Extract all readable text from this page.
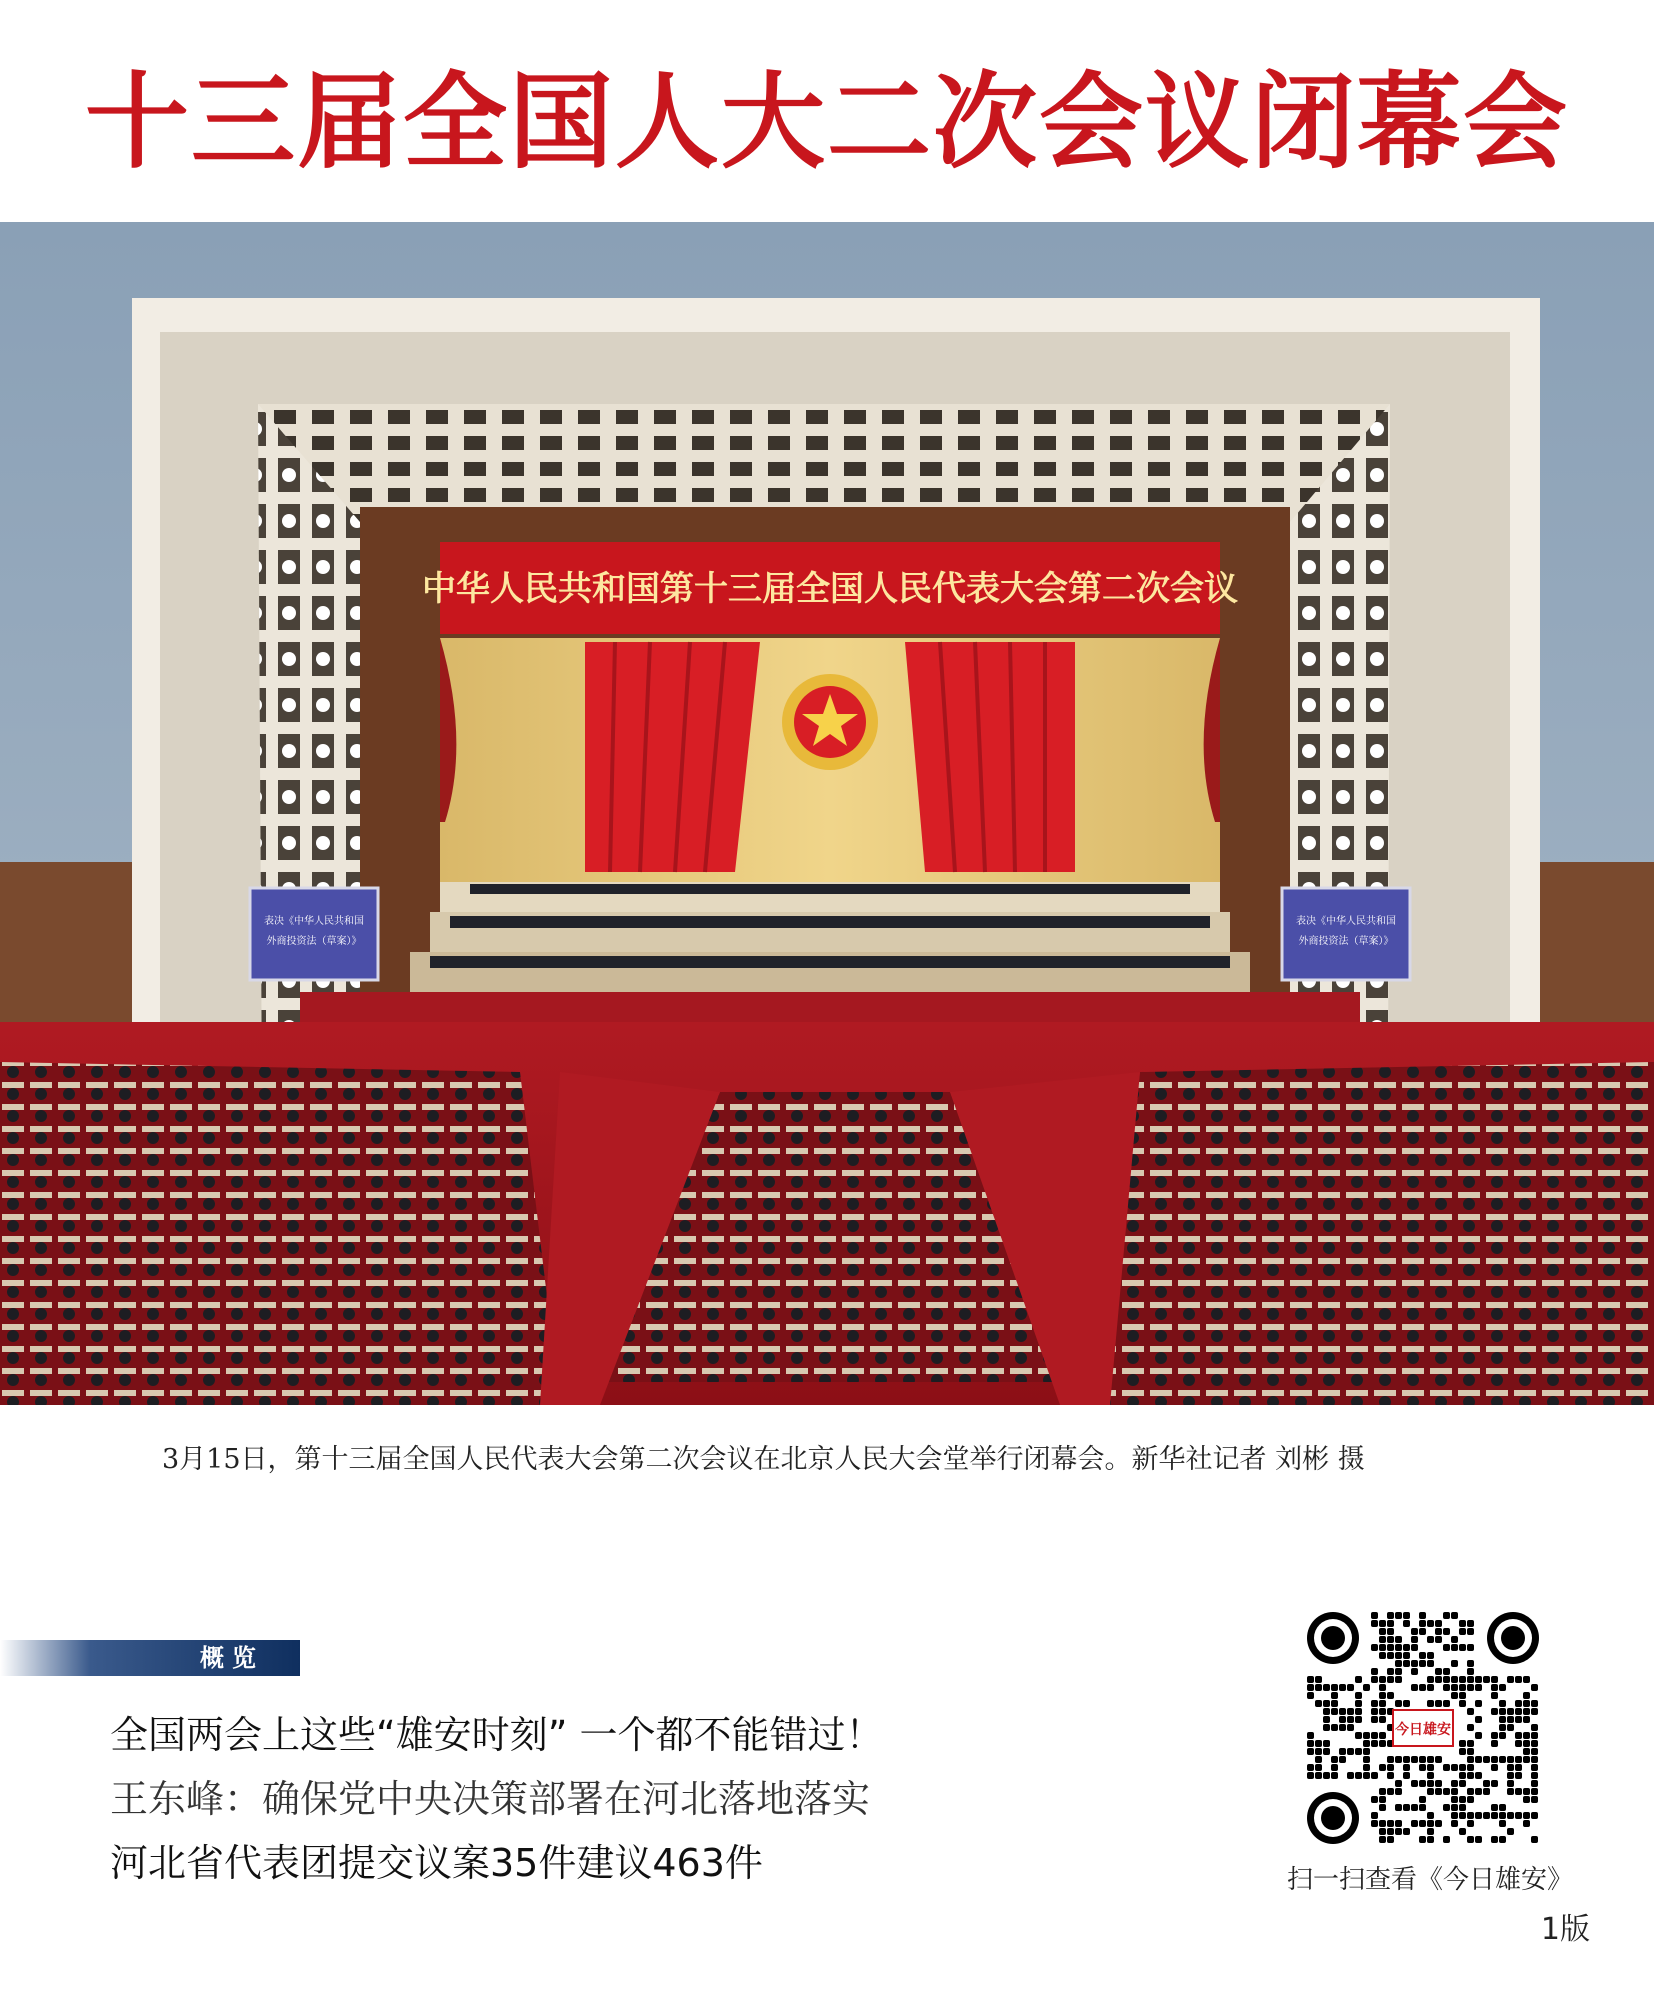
十三届全国人大二次会议闭幕会
中华人民共和国第十三届全国人民代表大会第二次会议
表决《中华人民共和国
外商投资法（草案）》
表决《中华人民共和国
外商投资法（草案）》

3月15日，第十三届全国人民代表大会第二次会议在北京人民大会堂举行闭幕会。新华社记者 刘彬 摄

概览
全国两会上这些“雄安时刻” 一个都不能错过！
王东峰：确保党中央决策部署在河北落地落实
河北省代表团提交议案35件建议463件
今日雄安
扫一扫查看《今日雄安》
1版
